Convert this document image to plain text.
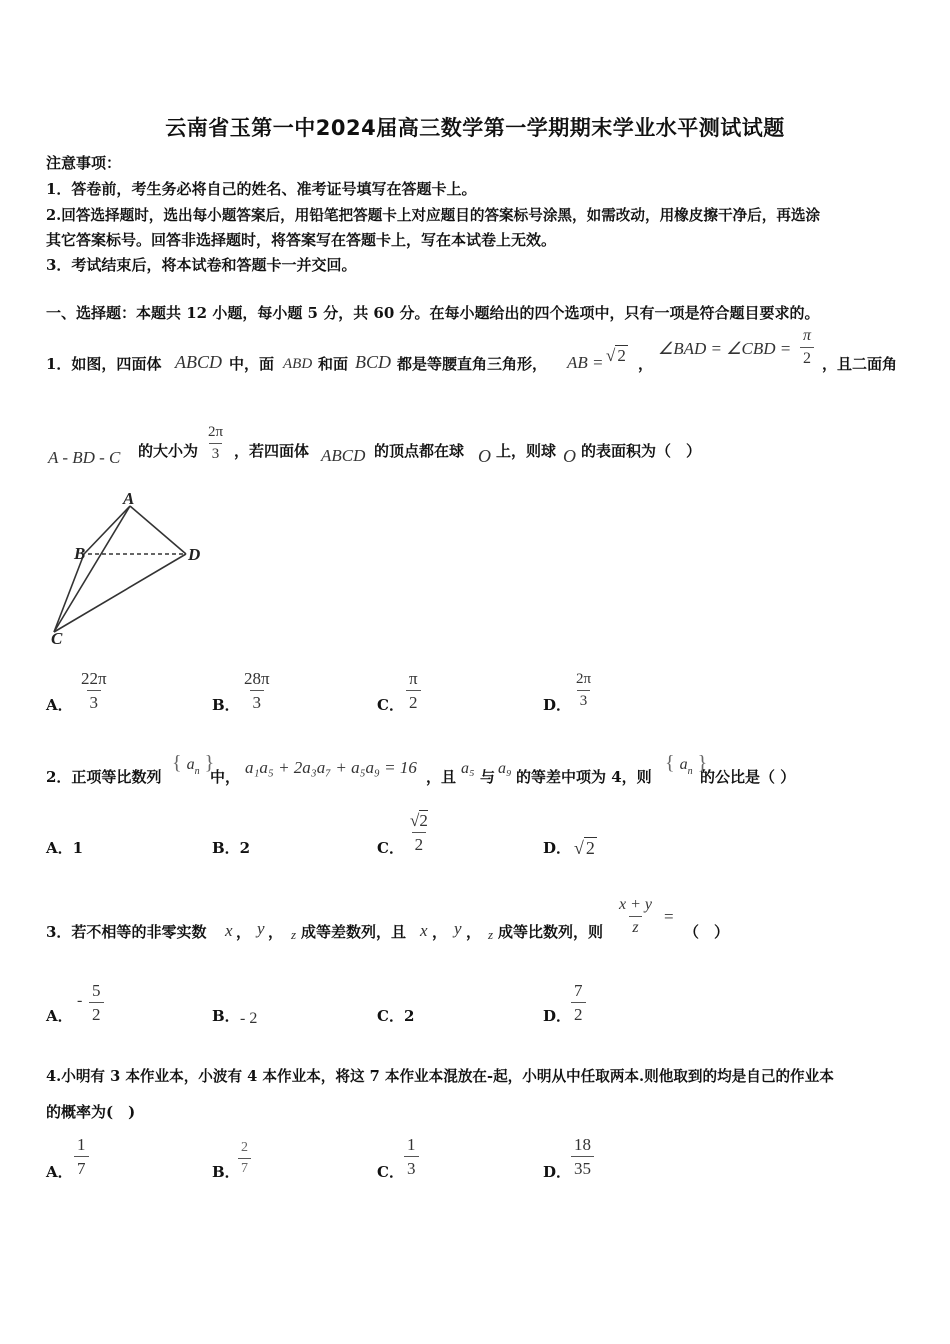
云南省玉第一中2024届高三数学第一学期期末学业水平测试试题
注意事项：
1．答卷前，考生务必将自己的姓名、准考证号填写在答题卡上。
2.回答选择题时，选出每小题答案后，用铅笔把答题卡上对应题目的答案标号涂黑，如需改动，用橡皮擦干净后，再选涂
其它答案标号。回答非选择题时，将答案写在答题卡上，写在本试卷上无效。
3．考试结束后，将本试卷和答题卡一并交回。
一、选择题：本题共 12 小题，每小题 5 分，共 60 分。在每小题给出的四个选项中，只有一项是符合题目要求的。
1．如图，四面体 ABCD 中，面 ABD 和面 BCD 都是等腰直角三角形， AB = √ 2 ，
∠BAD = ∠CBD = $\frac{\pi}{2}$ ，且二面角
A - BD - C 的大小为 $\frac{2\pi}{3}$ ，若四面体 ABCD 的顶点都在球 O 上，则球 O 的表面积为（　）
A
B
C
D
A． $\frac{22\pi}{3}$	B． $\frac{28\pi}{3}$	C． $\frac{\pi}{2}$	D． $\frac{2\pi}{3}$
2．正项等比数列
{ $a_n$ }
中， a₁a₅ + 2a₃a₇ + a₅a₉ = 16 ，且 a₅ 与 a₉ 的等差中项为 4，则
{ $a_n$ }
的公比是（ ）
A．1	B．2	C． $\frac{√2}{2}$	D． √ 2
3．若不相等的非零实数 x ， y ， z 成等差数列，且 x ， y ， z 成等比数列，则 $\frac{x + y}{z}$ =
（　）
A．
- $\frac{5}{2}$	B． - 2	C．2	D． $\frac{7}{2}$
4.小明有 3 本作业本，小波有 4 本作业本，将这 7 本作业本混放在-起，小明从中任取两本.则他取到的均是自己的作业本
的概率为(　)
A． $\frac{1}{7}$	B．
$\frac{2}{7}$	C． $\frac{1}{3}$	D． $\frac{18}{35}$
